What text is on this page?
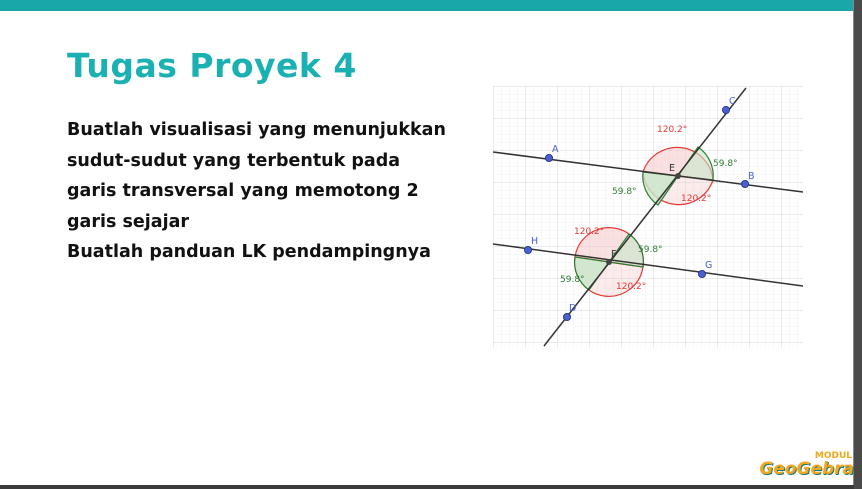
Tugas Proyek 4
Buatlah visualisasi yang menunjukkan
sudut-sudut yang terbentuk pada
garis transversal yang memotong 2
garis sejajar
Buatlah panduan LK pendampingnya
A
B
C
H
G
D
E
F
120.2°
59.8°
59.8°
120.2°
120.2°
59.8°
59.8°
120.2°
MODUL
GeoGebra
